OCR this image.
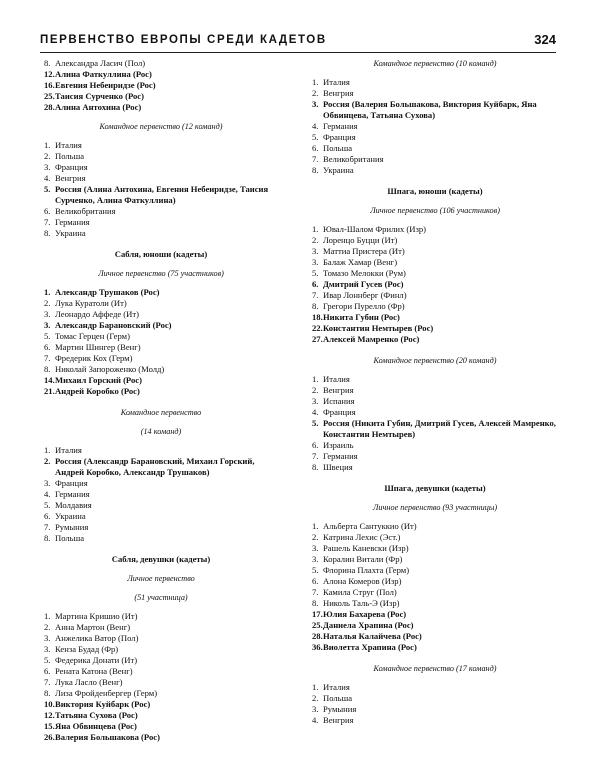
ПЕРВЕНСТВО ЕВРОПЫ СРЕДИ КАДЕТОВ	324
8. Александра Ласич (Пол)
12. Алина Фаткуллина (Рос)
16. Евгения Небеиридзе (Рос)
25. Таисия Сурченко (Рос)
28. Алина Антохина (Рос)
Командное первенство (12 команд)
1. Италия
2. Польша
3. Франция
4. Венгрия
5. Россия (Алина Антохина, Евгения Небеиридзе, Таисия Сурченко, Алина Фаткуллина)
6. Великобритания
7. Германия
8. Украина
Сабля, юноши (кадеты)
Личное первенство (75 участников)
1. Александр Трушаков (Рос)
2. Лука Куратоли (Ит)
3. Леонардо Аффеде (Ит)
3. Александр Барановский (Рос)
5. Томас Герцен (Герм)
6. Мартин Шингер (Венг)
7. Фредерик Кох (Герм)
8. Николай Запороженко (Молд)
14. Михаил Горский (Рос)
21. Андрей Коробко (Рос)
Командное первенство
(14 команд)
1. Италия
2. Россия (Александр Барановский, Михаил Горский, Андрей Коробко, Александр Трушаков)
3. Франция
4. Германия
5. Молдавия
6. Украина
7. Румыния
8. Польша
Сабля, девушки (кадеты)
Личное первенство
(51 участница)
1. Мартина Кришио (Ит)
2. Анна Мартон (Венг)
3. Анжелика Ватор (Пол)
3. Кенза Будад (Фр)
5. Федерика Донати (Ит)
6. Рената Катона (Венг)
7. Лука Ласло (Венг)
8. Лиза Фройденбергер (Герм)
10. Виктория Куйбарк (Рос)
12. Татьяна Сухова (Рос)
15. Яна Обвинцева (Рос)
26. Валерия Большакова (Рос)
Командное первенство (10 команд)
1. Италия
2. Венгрия
3. Россия (Валерия Большакова, Виктория Куйбарк, Яна Обвинцева, Татьяна Сухова)
4. Германия
5. Франция
6. Польша
7. Великобритания
8. Украина
Шпага, юноши (кадеты)
Личное первенство (106 участников)
1. Ювал-Шалом Фрилих (Изр)
2. Лоренцо Буцци (Ит)
3. Маттиа Пристера (Ит)
3. Балаж Хамар (Венг)
5. Томазо Мелокки (Рум)
6. Дмитрий Гусев (Рос)
7. Ивар Лоннберг (Финл)
8. Грегори Пурелло (Фр)
18. Никита Губин (Рос)
22. Константин Немтырев (Рос)
27. Алексей Мамренко (Рос)
Командное первенство (20 команд)
1. Италия
2. Венгрия
3. Испания
4. Франция
5. Россия (Никита Губин, Дмитрий Гусев, Алексей Мамренко, Константин Немтырев)
6. Израиль
7. Германия
8. Швеция
Шпага, девушки (кадеты)
Личное первенство (93 участницы)
1. Альберта Сантуккио (Ит)
2. Катрина Лехис (Эст.)
3. Рашель Каневски (Изр)
3. Коралин Витали (Фр)
5. Флорина Плахта (Герм)
6. Алона Комеров (Изр)
7. Камила Струг (Пол)
8. Николь Таль-Э (Изр)
17. Юлия Бахарева (Рос)
25. Даниела Храпина (Рос)
28. Наталья Калайчева (Рос)
36. Виолетта Храпина (Рос)
Командное первенство (17 команд)
1. Италия
2. Польша
3. Румыния
4. Венгрия
